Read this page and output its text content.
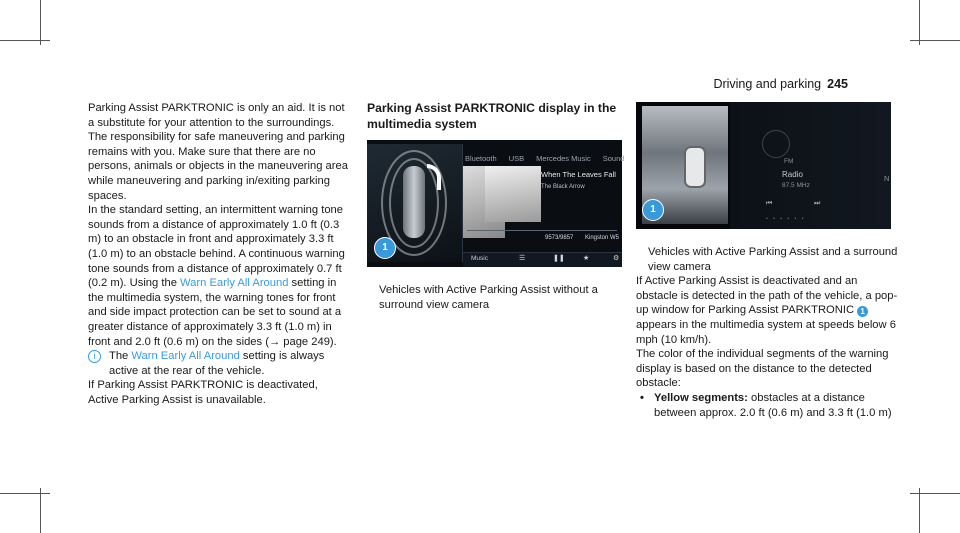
Driving and parking 245

Parking Assist PARKTRONIC is only an aid. It is not a substitute for your attention to the surroundings. The responsibility for safe maneuvering and parking remains with you. Make sure that there are no persons, animals or objects in the maneuvering area while maneuvering and parking in/exiting parking spaces.

In the standard setting, an intermittent warning tone sounds from a distance of approximately 1.0 ft (0.3 m) to an obstacle in front and approximately 3.3 ft (1.0 m) to an obstacle behind. A continuous warning tone sounds from a distance of approximately 0.7 ft (0.2 m). Using the Warn Early All Around setting in the multimedia system, the warning tones for front and side impact protection can be set to sound at a greater distance of approximately 3.3 ft (1.0 m) in front and 2.0 ft (0.6 m) on the sides (→ page 249).

i	The Warn Early All Around setting is always active at the rear of the vehicle.

If Parking Assist PARKTRONIC is deactivated, Active Parking Assist is unavailable.

Parking Assist PARKTRONIC display in the multimedia system

Bluetooth USB Mercedes Music Sound
When The Leaves Fall
The Black Arrow
9573/9857 Kingston W5
Music	☰	❚❚	★	⚙
1

Vehicles with Active Parking Assist without a surround view camera

FM
Radio
87.5 MHz
⏮	⏭
• • • • • •
N
1

Vehicles with Active Parking Assist and a surround view camera

If Active Parking Assist is deactivated and an obstacle is detected in the path of the vehicle, a pop-up window for Parking Assist PARKTRONIC 1 appears in the multimedia system at speeds below 6 mph (10 km/h).

The color of the individual segments of the warning display is based on the distance to the detected obstacle:

• Yellow segments: obstacles at a distance between approx. 2.0 ft (0.6 m) and 3.3 ft (1.0 m)
